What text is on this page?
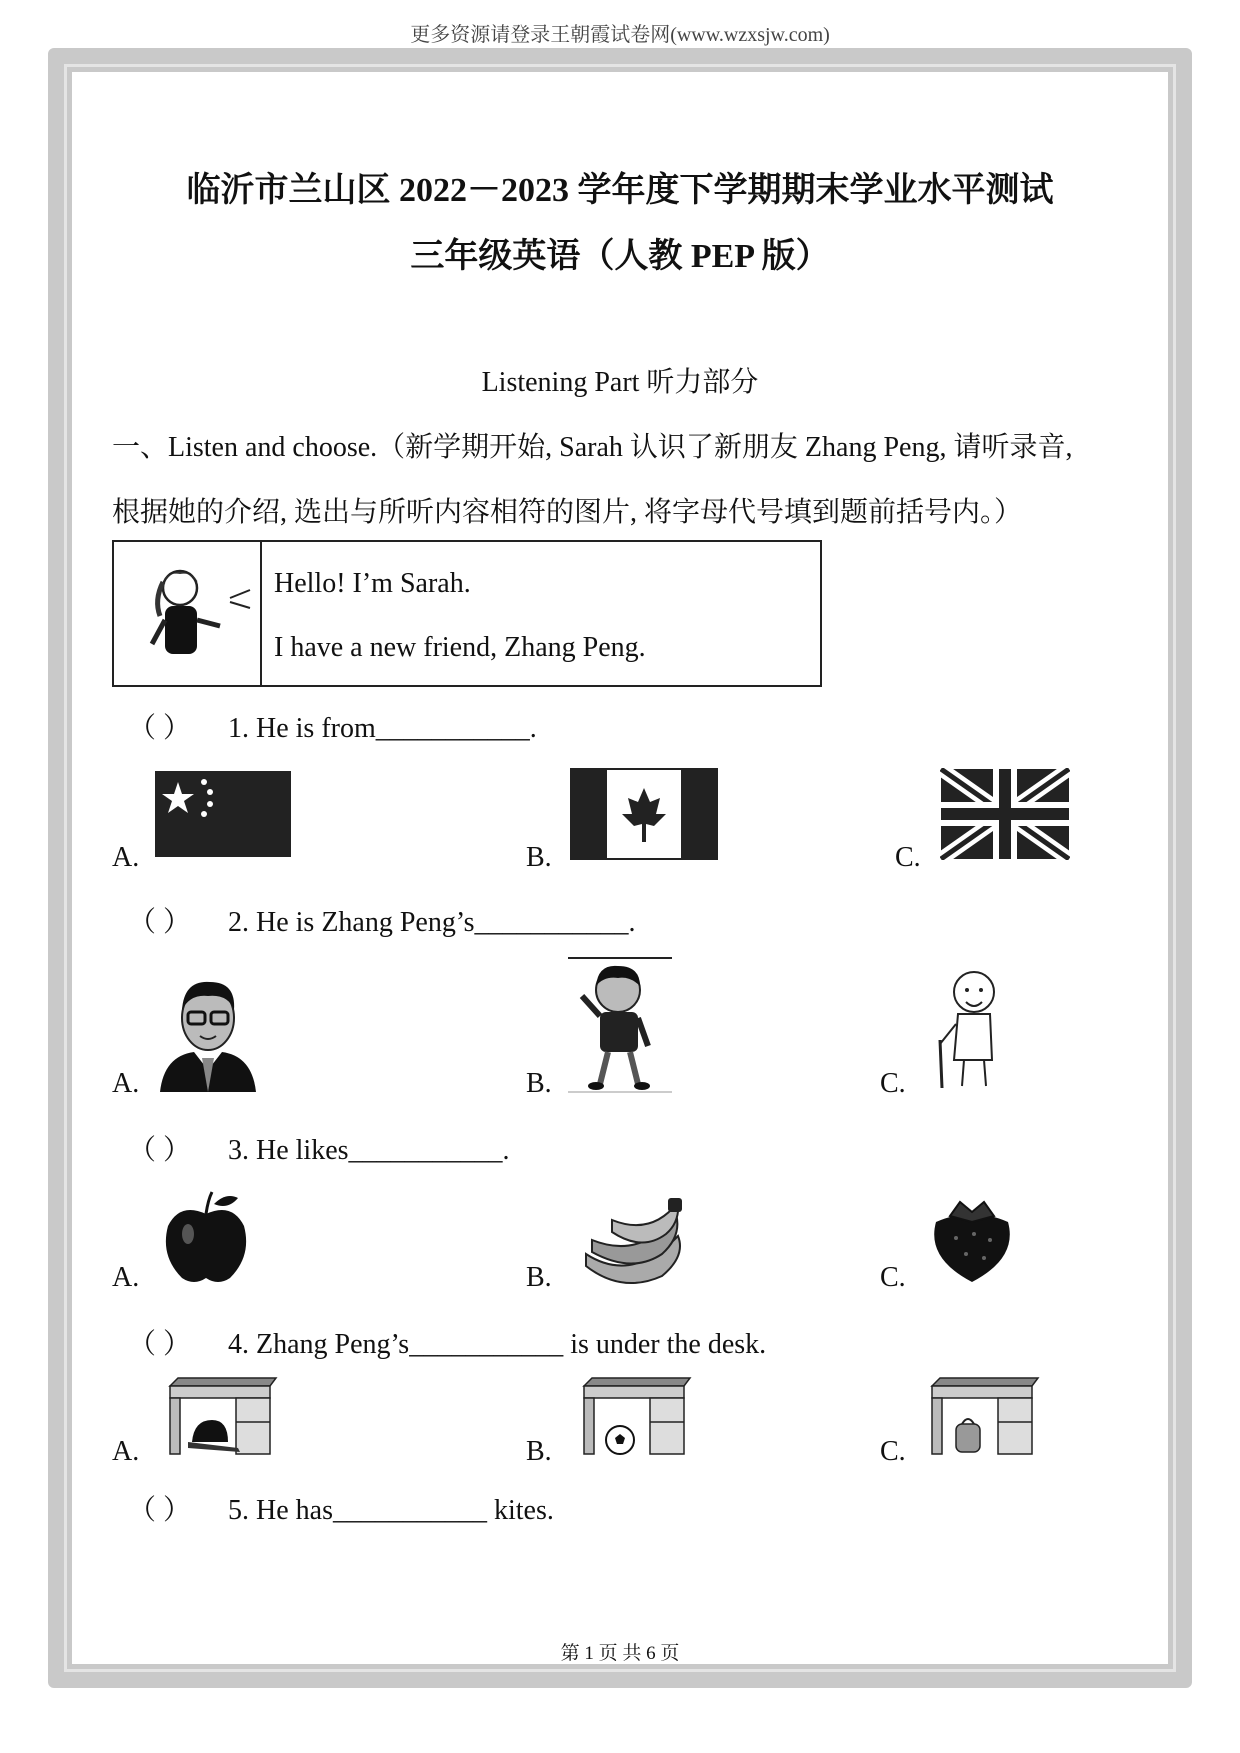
更多资源请登录王朝霞试卷网(www.wzxsjw.com)
临沂市兰山区 2022－2023 学年度下学期期末学业水平测试
三年级英语（人教 PEP 版）
Listening Part 听力部分
一、Listen and choose.（新学期开始, Sarah 认识了新朋友 Zhang Peng, 请听录音,
根据她的介绍, 选出与所听内容相符的图片, 将字母代号填到题前括号内。）
Hello! I’m Sarah.
I have a new friend, Zhang Peng.
（ ） 1. He is from___________.
A.	B.	C.
（ ） 2. He is Zhang Peng’s___________.
A.	B.	C.
（ ） 3. He likes___________.
A.	B.	C.
（ ） 4. Zhang Peng’s___________ is under the desk.
A.	B.	C.
（ ） 5. He has___________ kites.
第 1 页 共 6 页
